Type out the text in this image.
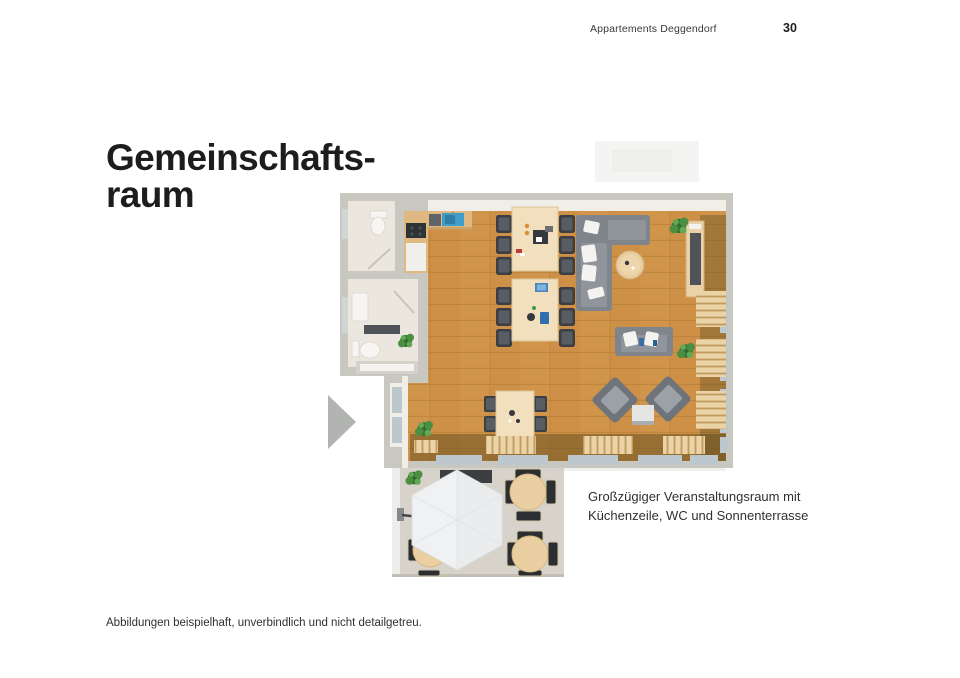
Appartements Deggendorf	30
Gemeinschafts-
raum
Großzügiger Veranstaltungsraum mit
Küchenzeile, WC und Sonnenterrasse
Abbildungen beispielhaft, unverbindlich und nicht detailgetreu.
